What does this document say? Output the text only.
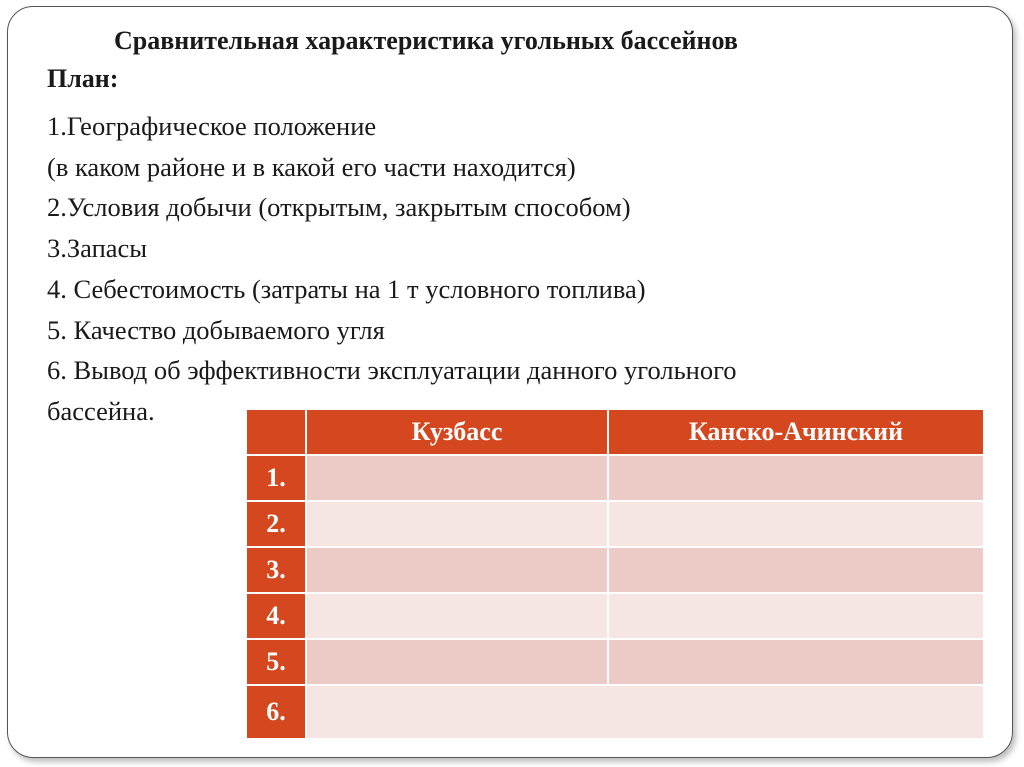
Сравнительная характеристика угольных бассейнов
План:
1.Географическое положение
(в каком районе и в какой его части находится)
2.Условия добычи (открытым, закрытым способом)
3.Запасы
4. Себестоимость (затраты на 1 т условного топлива)
5. Качество добываемого угля
6. Вывод об эффективности эксплуатации данного угольного
бассейна.
	Кузбасс	Канско-Ачинский
1.		
2.		
3.		
4.		
5.		
6.		
